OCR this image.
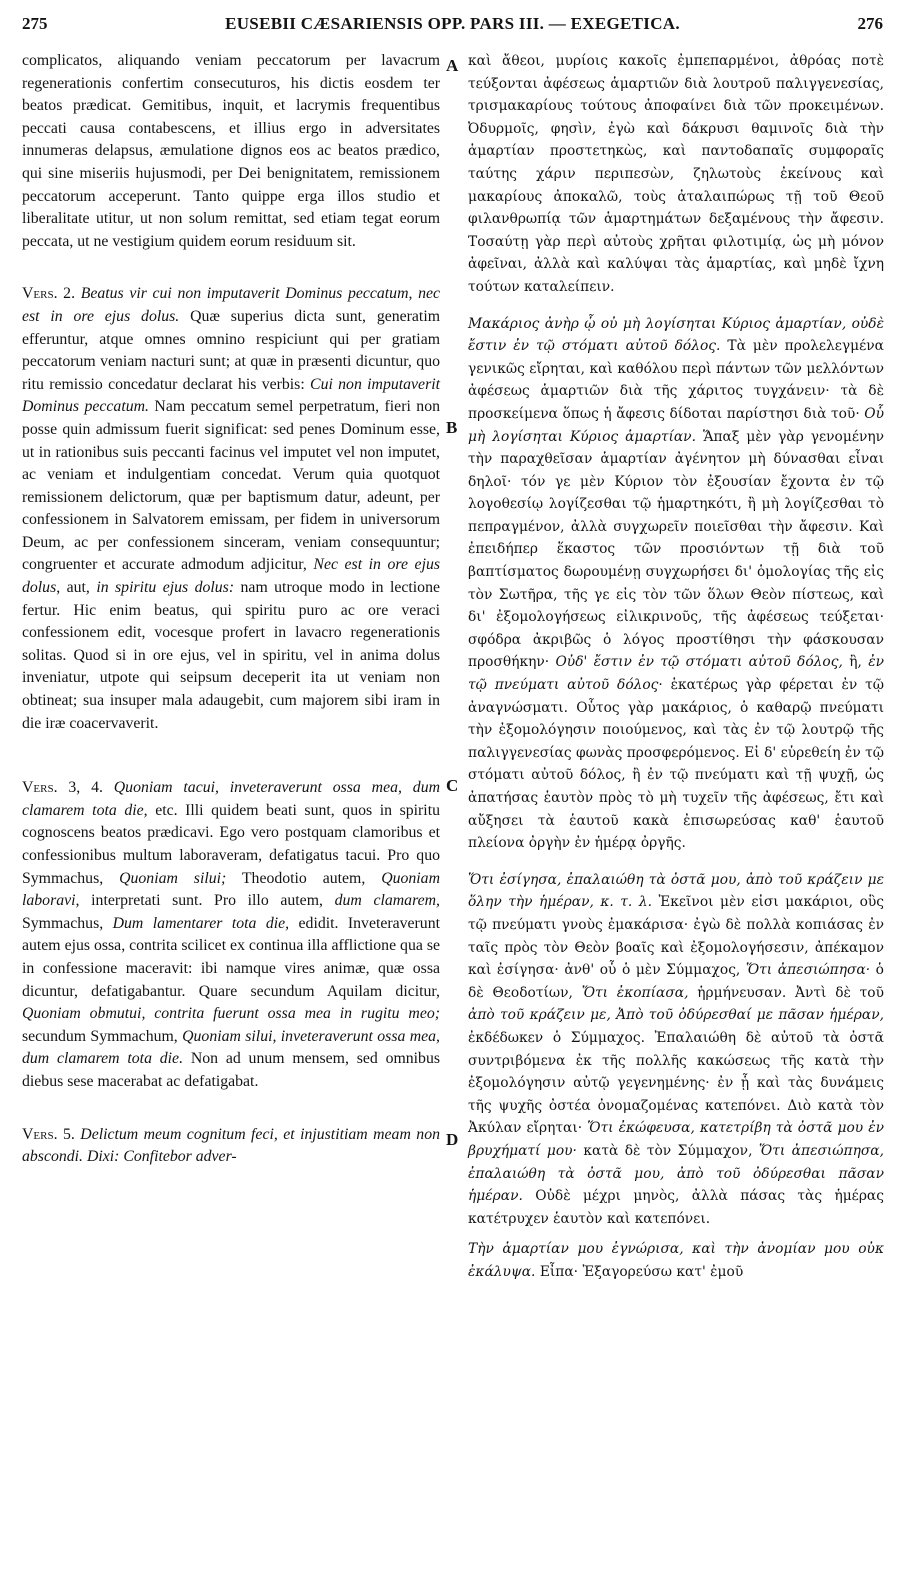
275	EUSEBII CÆSARIENSIS OPP. PARS III. — EXEGETICA.	276

complicatos, aliquando veniam peccatorum per lavacrum regenerationis confertim consecuturos, his dictis eosdem ter beatos prædicat. Gemitibus, inquit, et lacrymis frequentibus peccati causa contabescens, et illius ergo in adversitates innumeras delapsus, æmulatione dignos eos ac beatos prædico, qui sine miseriis hujusmodi, per Dei benignitatem, remissionem peccatorum acceperunt. Tanto quippe erga illos studio et liberalitate utitur, ut non solum remittat, sed etiam tegat eorum peccata, ut ne vestigium quidem eorum residuum sit.

Vers. 2. Beatus vir cui non imputaverit Dominus peccatum, nec est in ore ejus dolus. Quæ superius dicta sunt, generatim efferuntur, atque omnes omnino respiciunt qui per gratiam peccatorum veniam nacturi sunt; at quæ in præsenti dicuntur, quo ritu remissio concedatur declarat his verbis: Cui non imputaverit Dominus peccatum. Nam peccatum semel perpetratum, fieri non posse quin admissum fuerit significat: sed penes Dominum esse, ut in rationibus suis peccanti facinus vel imputet vel non imputet, ac veniam et indulgentiam concedat. Verum quia quotquot remissionem delictorum, quæ per baptismum datur, adeunt, per confessionem in Salvatorem emissam, per fidem in universorum Deum, ac per confessionem sinceram, veniam consequuntur; congruenter et accurate admodum adjicitur, Nec est in ore ejus dolus, aut, in spiritu ejus dolus: nam utroque modo in lectione fertur. Hic enim beatus, qui spiritu puro ac ore veraci confessionem edit, vocesque profert in lavacro regenerationis solitas. Quod si in ore ejus, vel in spiritu, vel in anima dolus inveniatur, utpote qui seipsum deceperit ita ut veniam non obtineat; sua insuper mala adaugebit, cum majorem sibi iram in die iræ coacervaverit.

Vers. 3, 4. Quoniam tacui, inveteraverunt ossa mea, dum clamarem tota die, etc. Illi quidem beati sunt, quos in spiritu cognoscens beatos prædicavi. Ego vero postquam clamoribus et confessionibus multum laboraveram, defatigatus tacui. Pro quo Symmachus, Quoniam silui; Theodotio autem, Quoniam laboravi, interpretati sunt. Pro illo autem, dum clamarem, Symmachus, Dum lamentarer tota die, edidit. Inveteraverunt autem ejus ossa, contrita scilicet ex continua illa afflictione qua se in confessione maceravit: ibi namque vires animæ, quæ ossa dicuntur, defatigabantur. Quare secundum Aquilam dicitur, Quoniam obmutui, contrita fuerunt ossa mea in rugitu meo; secundum Symmachum, Quoniam silui, inveteraverunt ossa mea, dum clamarem tota die. Non ad unum mensem, sed omnibus diebus sese macerabat ac defatigabat.

Vers. 5. Delictum meum cognitum feci, et injustitiam meam non abscondi. Dixi: Confitebor adver-

A
B
C
D

καὶ ἄθεοι, μυρίοις κακοῖς ἐμπεπαρμένοι, ἀθρόας ποτὲ τεύξονται ἀφέσεως ἁμαρτιῶν διὰ λουτροῦ παλιγγενεσίας, τρισμακαρίους τούτους ἀποφαίνει διὰ τῶν προκειμένων. Ὀδυρμοῖς, φησὶν, ἐγὼ καὶ δάκρυσι θαμινοῖς διὰ τὴν ἁμαρτίαν προστετηκὼς, καὶ παντοδαπαῖς συμφοραῖς ταύτης χάριν περιπεσὼν, ζηλωτοὺς ἐκείνους καὶ μακαρίους ἀποκαλῶ, τοὺς ἀταλαιπώρως τῇ τοῦ Θεοῦ φιλανθρωπίᾳ τῶν ἁμαρτημάτων δεξαμένους τὴν ἄφεσιν. Τοσαύτῃ γὰρ περὶ αὐτοὺς χρῆται φιλοτιμίᾳ, ὡς μὴ μόνον ἀφεῖναι, ἀλλὰ καὶ καλύψαι τὰς ἁμαρτίας, καὶ μηδὲ ἴχνη τούτων καταλείπειν.

Μακάριος ἀνὴρ ᾧ οὐ μὴ λογίσηται Κύριος ἁμαρτίαν, οὐδὲ ἔστιν ἐν τῷ στόματι αὐτοῦ δόλος. Τὰ μὲν προλελεγμένα γενικῶς εἴρηται, καὶ καθόλου περὶ πάντων τῶν μελλόντων ἀφέσεως ἁμαρτιῶν διὰ τῆς χάριτος τυγχάνειν· τὰ δὲ προσκείμενα ὅπως ἡ ἄφεσις δίδοται παρίστησι διὰ τοῦ· Οὗ μὴ λογίσηται Κύριος ἁμαρτίαν. Ἅπαξ μὲν γὰρ γενομένην τὴν παραχθεῖσαν ἁμαρτίαν ἀγένητον μὴ δύνασθαι εἶναι δηλοῖ· τόν γε μὲν Κύριον τὸν ἐξουσίαν ἔχοντα ἐν τῷ λογοθεσίῳ λογίζεσθαι τῷ ἡμαρτηκότι, ἢ μὴ λογίζεσθαι τὸ πεπραγμένον, ἀλλὰ συγχωρεῖν ποιεῖσθαι τὴν ἄφεσιν. Καὶ ἐπειδήπερ ἕκαστος τῶν προσιόντων τῇ διὰ τοῦ βαπτίσματος δωρουμένῃ συγχωρήσει δι' ὁμολογίας τῆς εἰς τὸν Σωτῆρα, τῆς γε εἰς τὸν τῶν ὅλων Θεὸν πίστεως, καὶ δι' ἐξομολογήσεως εἰλικρινοῦς, τῆς ἀφέσεως τεύξεται· σφόδρα ἀκριβῶς ὁ λόγος προστίθησι τὴν φάσκουσαν προσθήκην· Οὐδ' ἔστιν ἐν τῷ στόματι αὐτοῦ δόλος, ἢ, ἐν τῷ πνεύματι αὐτοῦ δόλος· ἑκατέρως γὰρ φέρεται ἐν τῷ ἀναγνώσματι. Οὗτος γὰρ μακάριος, ὁ καθαρῷ πνεύματι τὴν ἐξομολόγησιν ποιούμενος, καὶ τὰς ἐν τῷ λουτρῷ τῆς παλιγγενεσίας φωνὰς προσφερόμενος. Εἰ δ' εὑρεθείη ἐν τῷ στόματι αὐτοῦ δόλος, ἢ ἐν τῷ πνεύματι καὶ τῇ ψυχῇ, ὡς ἀπατήσας ἑαυτὸν πρὸς τὸ μὴ τυχεῖν τῆς ἀφέσεως, ἔτι καὶ αὔξησει τὰ ἑαυτοῦ κακὰ ἐπισωρεύσας καθ' ἑαυτοῦ πλείονα ὀργὴν ἐν ἡμέρᾳ ὀργῆς.

Ὅτι ἐσίγησα, ἐπαλαιώθη τὰ ὀστᾶ μου, ἀπὸ τοῦ κράζειν με ὅλην τὴν ἡμέραν, κ. τ. λ. Ἐκεῖνοι μὲν εἰσι μακάριοι, οὓς τῷ πνεύματι γνοὺς ἐμακάρισα· ἐγὼ δὲ πολλὰ κοπιάσας ἐν ταῖς πρὸς τὸν Θεὸν βοαῖς καὶ ἐξομολογήσεσιν, ἀπέκαμον καὶ ἐσίγησα· ἀνθ' οὗ ὁ μὲν Σύμμαχος, Ὅτι ἀπεσιώπησα· ὁ δὲ Θεοδοτίων, Ὅτι ἐκοπίασα, ἡρμήνευσαν. Ἀντὶ δὲ τοῦ ἀπὸ τοῦ κράζειν με, Ἀπὸ τοῦ ὀδύρεσθαί με πᾶσαν ἡμέραν, ἐκδέδωκεν ὁ Σύμμαχος. Ἐπαλαιώθη δὲ αὐτοῦ τὰ ὀστᾶ συντριβόμενα ἐκ τῆς πολλῆς κακώσεως τῆς κατὰ τὴν ἐξομολόγησιν αὐτῷ γεγενημένης· ἐν ᾗ καὶ τὰς δυνάμεις τῆς ψυχῆς ὀστέα ὀνομαζομένας κατεπόνει. Διὸ κατὰ τὸν Ἀκύλαν εἴρηται· Ὅτι ἐκώφευσα, κατετρίβη τὰ ὀστᾶ μου ἐν βρυχήματί μου· κατὰ δὲ τὸν Σύμμαχον, Ὅτι ἀπεσιώπησα, ἐπαλαιώθη τὰ ὀστᾶ μου, ἀπὸ τοῦ ὀδύρεσθαι πᾶσαν ἡμέραν. Οὐδὲ μέχρι μηνὸς, ἀλλὰ πάσας τὰς ἡμέρας κατέτρυχεν ἑαυτὸν καὶ κατεπόνει.

Τὴν ἁμαρτίαν μου ἐγνώρισα, καὶ τὴν ἀνομίαν μου οὐκ ἐκάλυψα. Εἶπα· Ἐξαγορεύσω κατ' ἐμοῦ
